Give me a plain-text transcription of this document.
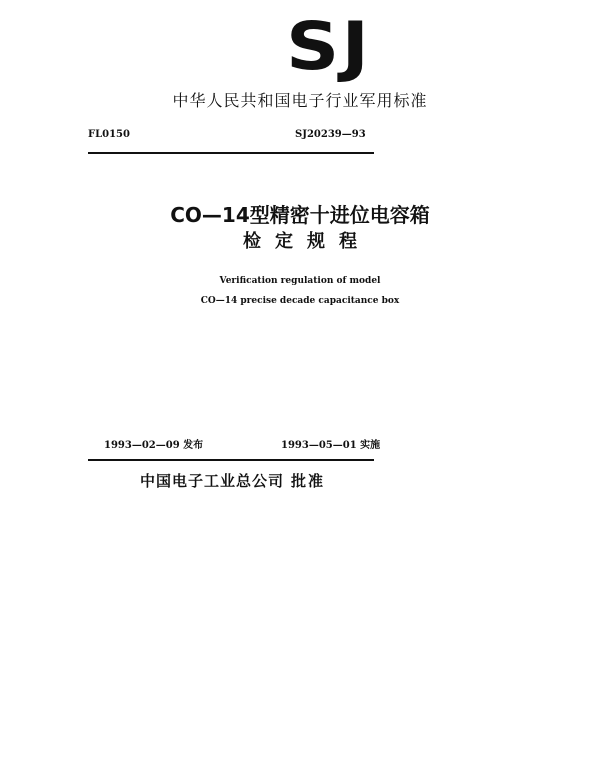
SJ
中华人民共和国电子行业军用标准
FL0150	SJ20239—93
CO—14型精密十进位电容箱
检定规程
Verification regulation of model
CO—14 precise decade capacitance box
1993—02—09 发布	1993—05—01 实施
中国电子工业总公司 批准
